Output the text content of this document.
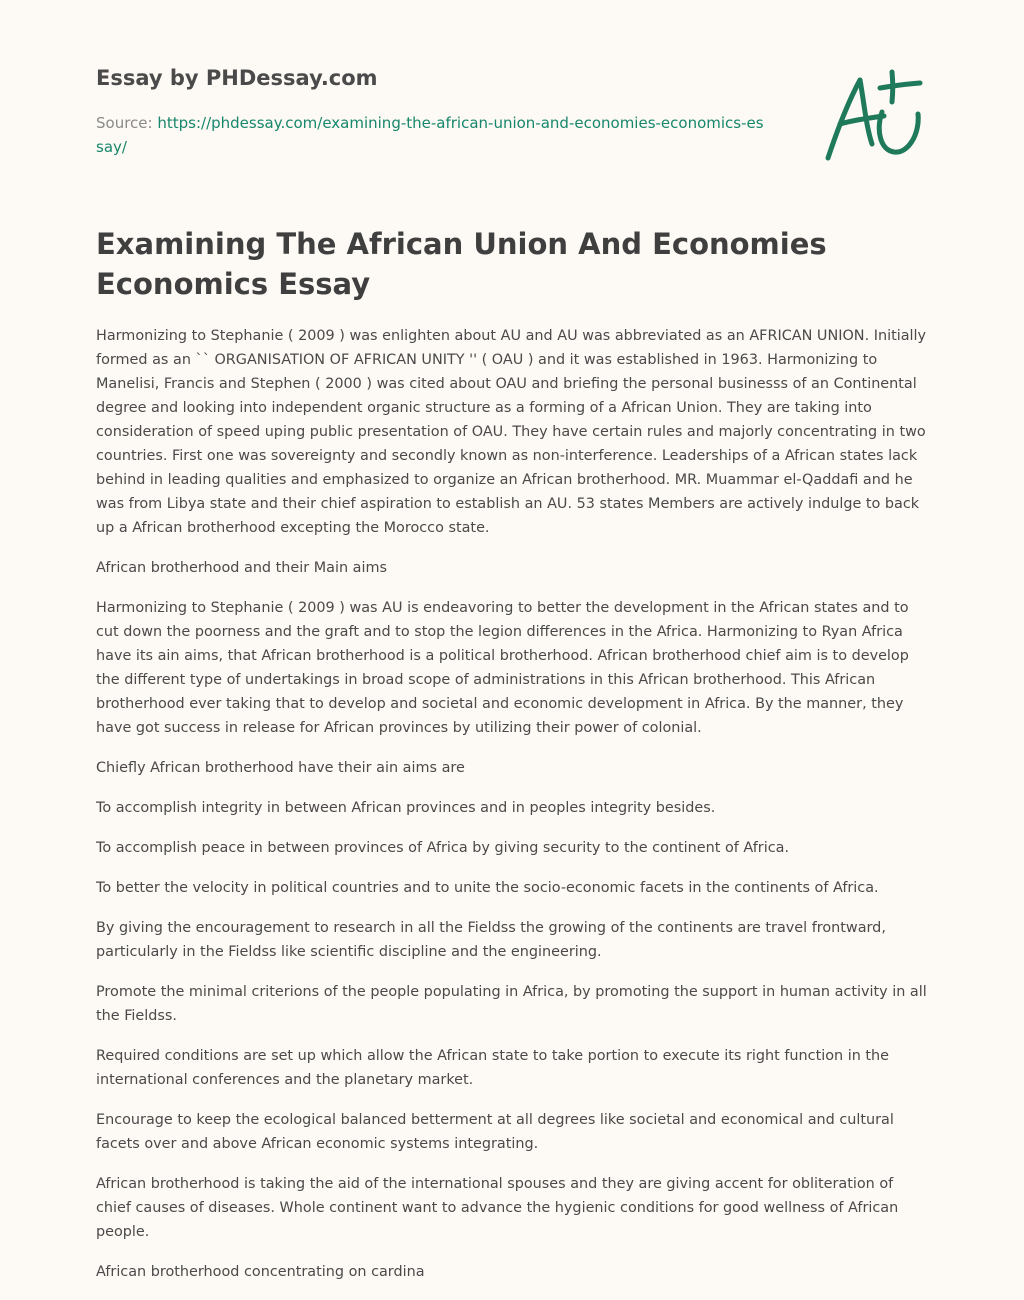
Essay by PHDessay.com
Source: https://phdessay.com/examining-the-african-union-and-economies-economics-essay/
Examining The African Union And Economies Economics Essay

Harmonizing to Stephanie ( 2009 ) was enlighten about AU and AU was abbreviated as an AFRICAN UNION. Initially formed as an `` ORGANISATION OF AFRICAN UNITY '' ( OAU ) and it was established in 1963. Harmonizing to Manelisi, Francis and Stephen ( 2000 ) was cited about OAU and briefing the personal businesss of an Continental degree and looking into independent organic structure as a forming of a African Union. They are taking into consideration of speed uping public presentation of OAU. They have certain rules and majorly concentrating in two countries. First one was sovereignty and secondly known as non-interference. Leaderships of a African states lack behind in leading qualities and emphasized to organize an African brotherhood. MR. Muammar el-Qaddafi and he was from Libya state and their chief aspiration to establish an AU. 53 states Members are actively indulge to back up a African brotherhood excepting the Morocco state.

African brotherhood and their Main aims

Harmonizing to Stephanie ( 2009 ) was AU is endeavoring to better the development in the African states and to cut down the poorness and the graft and to stop the legion differences in the Africa. Harmonizing to Ryan Africa have its ain aims, that African brotherhood is a political brotherhood. African brotherhood chief aim is to develop the different type of undertakings in broad scope of administrations in this African brotherhood. This African brotherhood ever taking that to develop and societal and economic development in Africa. By the manner, they have got success in release for African provinces by utilizing their power of colonial.

Chiefly African brotherhood have their ain aims are

To accomplish integrity in between African provinces and in peoples integrity besides.

To accomplish peace in between provinces of Africa by giving security to the continent of Africa.

To better the velocity in political countries and to unite the socio-economic facets in the continents of Africa.

By giving the encouragement to research in all the Fieldss the growing of the continents are travel frontward, particularly in the Fieldss like scientific discipline and the engineering.

Promote the minimal criterions of the people populating in Africa, by promoting the support in human activity in all the Fieldss.

Required conditions are set up which allow the African state to take portion to execute its right function in the international conferences and the planetary market.

Encourage to keep the ecological balanced betterment at all degrees like societal and economical and cultural facets over and above African economic systems integrating.

African brotherhood is taking the aid of the international spouses and they are giving accent for obliteration of chief causes of diseases. Whole continent want to advance the hygienic conditions for good wellness of African people.

African brotherhood concentrating on cardina
